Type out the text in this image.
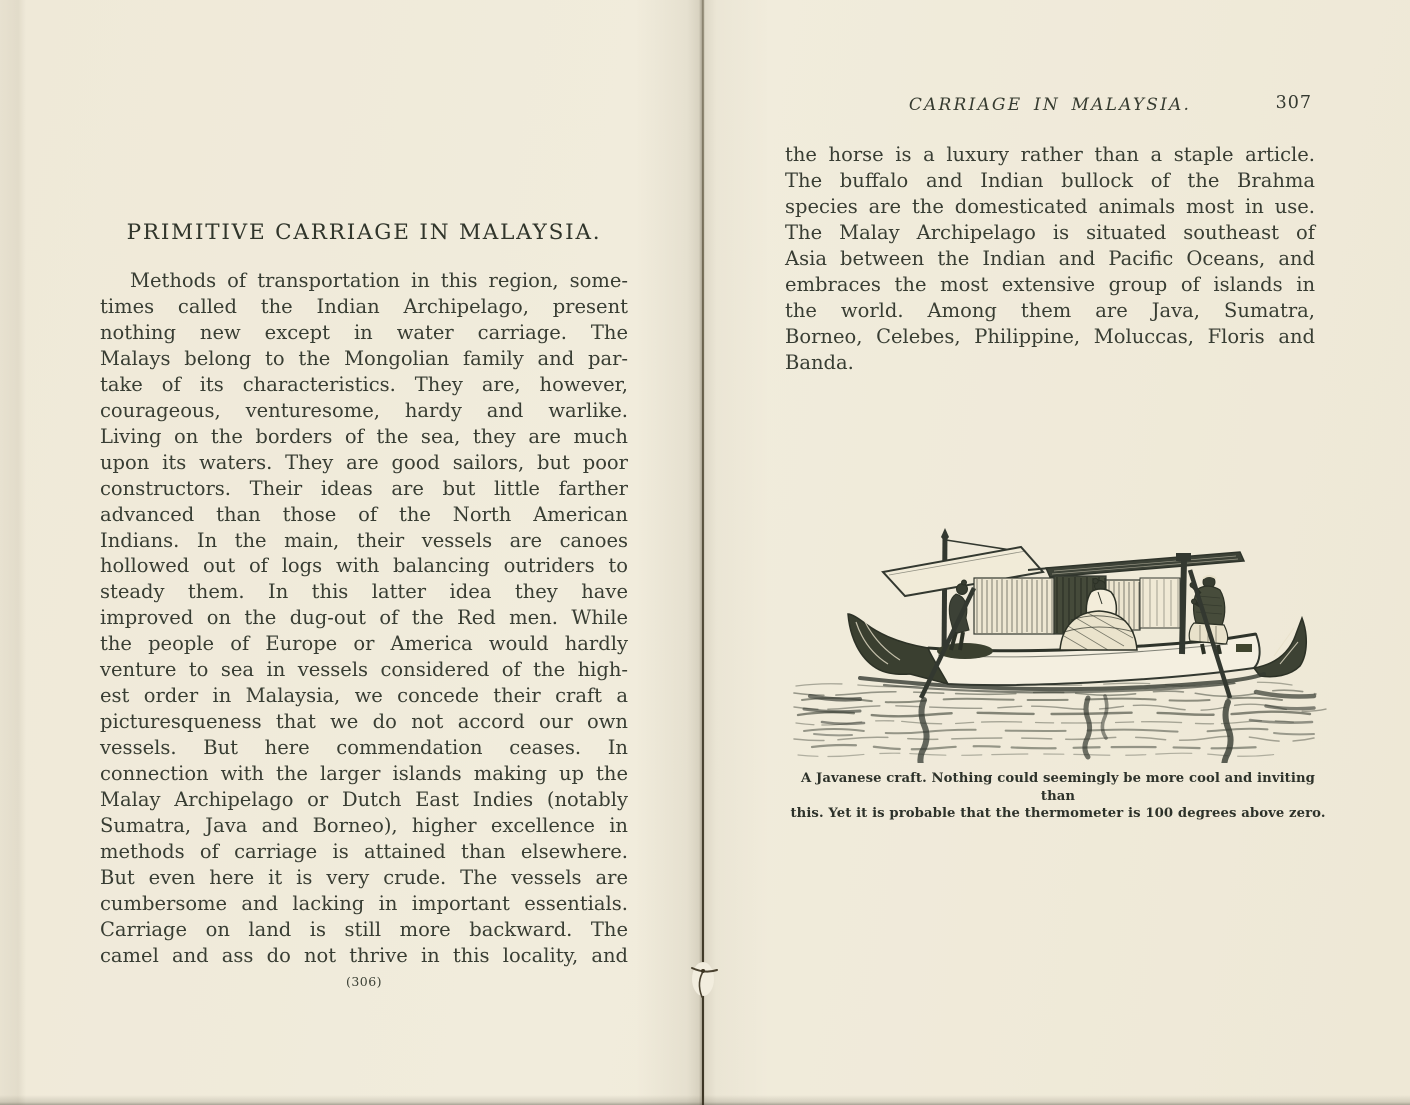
PRIMITIVE CARRIAGE IN MALAYSIA.
Methods of transportation in this region, some-
times called the Indian Archipelago, present
nothing new except in water carriage. The
Malays belong to the Mongolian family and par-
take of its characteristics. They are, however,
courageous, venturesome, hardy and warlike.
Living on the borders of the sea, they are much
upon its waters. They are good sailors, but poor
constructors. Their ideas are but little farther
advanced than those of the North American
Indians. In the main, their vessels are canoes
hollowed out of logs with balancing outriders to
steady them. In this latter idea they have
improved on the dug-out of the Red men. While
the people of Europe or America would hardly
venture to sea in vessels considered of the high-
est order in Malaysia, we concede their craft a
picturesqueness that we do not accord our own
vessels. But here commendation ceases. In
connection with the larger islands making up the
Malay Archipelago or Dutch East Indies (notably
Sumatra, Java and Borneo), higher excellence in
methods of carriage is attained than elsewhere.
But even here it is very crude. The vessels are
cumbersome and lacking in important essentials.
Carriage on land is still more backward. The
camel and ass do not thrive in this locality, and
(306)
CARRIAGE IN MALAYSIA.	307
the horse is a luxury rather than a staple article.
The buffalo and Indian bullock of the Brahma
species are the domesticated animals most in use.
The Malay Archipelago is situated southeast of
Asia between the Indian and Pacific Oceans, and
embraces the most extensive group of islands in
the world. Among them are Java, Sumatra,
Borneo, Celebes, Philippine, Moluccas, Floris and
Banda.
A Javanese craft. Nothing could seemingly be more cool and inviting than
this. Yet it is probable that the thermometer is 100 degrees above zero.
